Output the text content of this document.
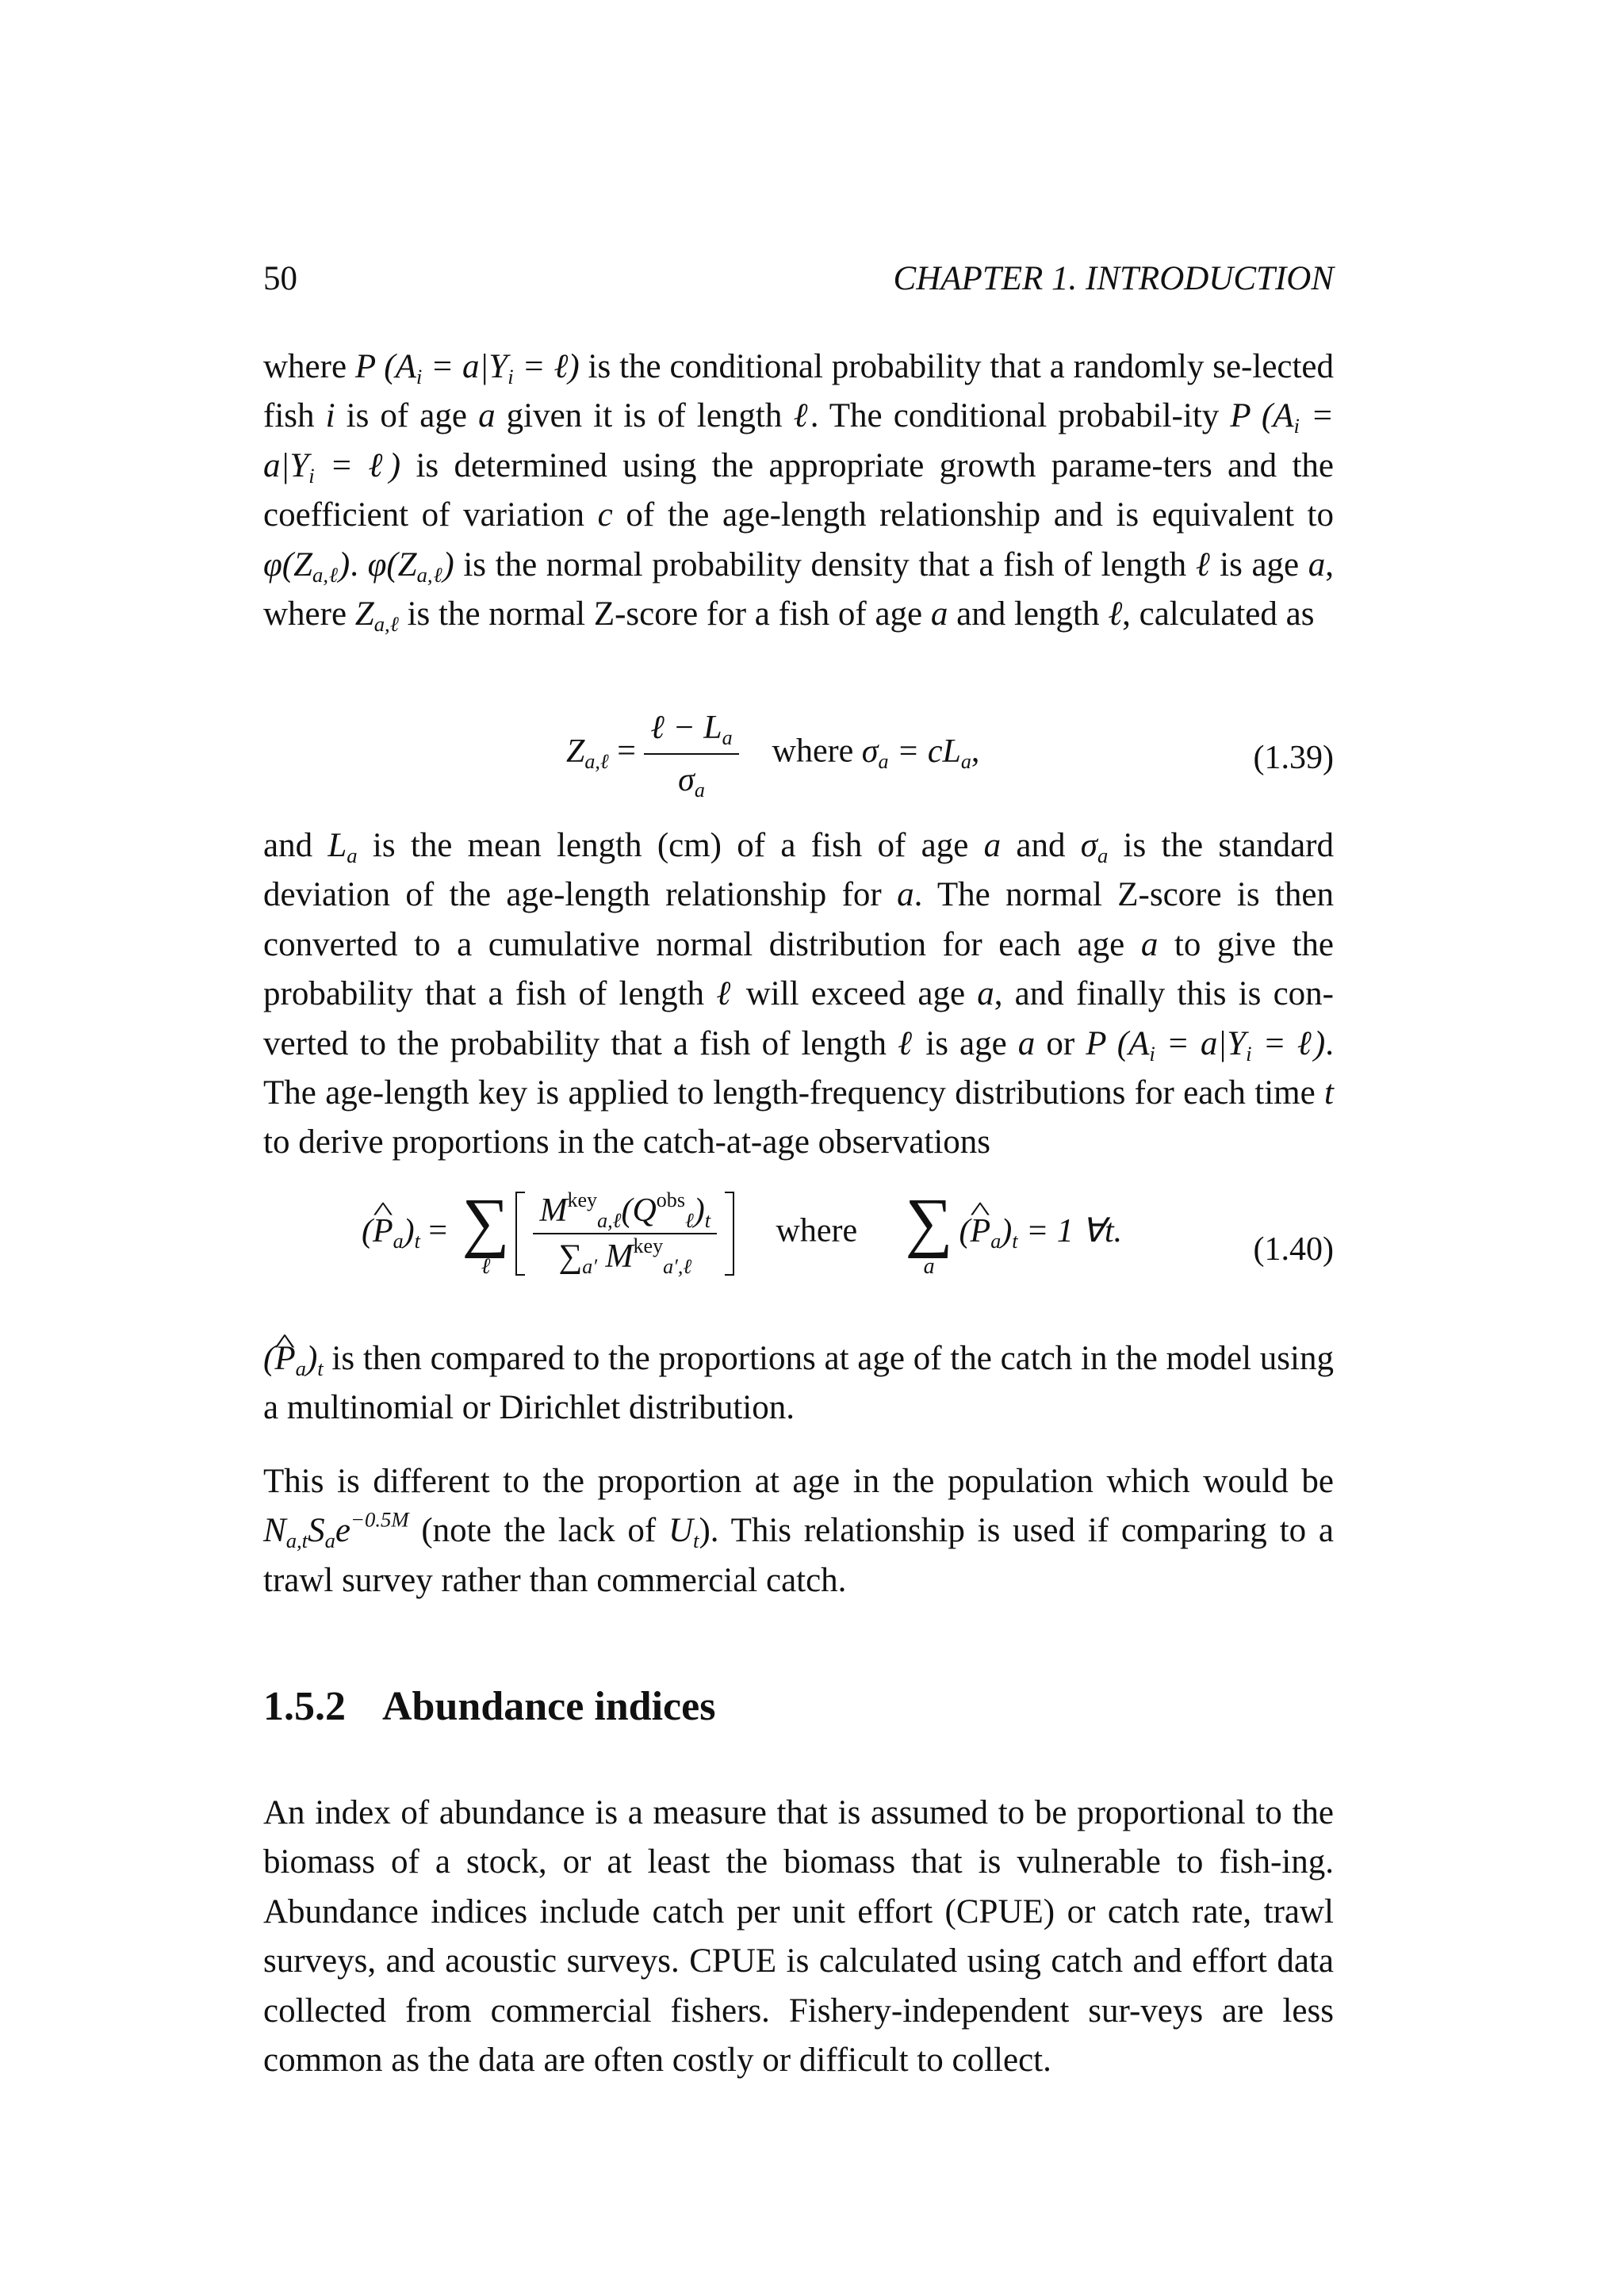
50	CHAPTER 1. INTRODUCTION

where P ($A_i = a|Y_i$ = ℓ) is the conditional probability that a randomly se-lected fish i is of age a given it is of length ℓ. The conditional probabil-ity P ($A_i = a|Y_i$ = ℓ) is determined using the appropriate growth parame-ters and the coefficient of variation c of the age-length relationship and is equivalent to $\varphi(Z_{a,\ell})$. $\varphi(Z_{a,\ell})$ is the normal probability density that a fish of length ℓ is age a, where $Z_{a,\ell}$ is the normal Z-score for a fish of age a and length ℓ, calculated as

$Z_{a,\ell} = \frac{\ell - L_a}{\sigma_a}$ where $\sigma_a = cL_a$,	(1.39)

and $L_a$ is the mean length (cm) of a fish of age a and $\sigma_a$ is the standard deviation of the age-length relationship for a. The normal Z-score is then converted to a cumulative normal distribution for each age a to give the probability that a fish of length ℓ will exceed age a, and finally this is con-verted to the probability that a fish of length ℓ is age a or P ($A_i = a|Y_i$ = ℓ). The age-length key is applied to length-frequency distributions for each time t to derive proportions in the catch-at-age observations

(^ $P_a)_t$ = ∑
ℓ	$\frac{M^{key}_{a,\ell}(Q^{obs}_\ell)_t}{\sum_{a'} M^{key}_{a',\ell}}$ where ∑
a
(^ $P_a)_t = 1$ ∀t.
(1.40)

(^ $P_a)_t$ is then compared to the proportions at age of the catch in the model using a multinomial or Dirichlet distribution.

This is different to the proportion at age in the population which would be $N_{a,t}S_ae^{-0.5M}$ (note the lack of $U_t$). This relationship is used if comparing to a trawl survey rather than commercial catch.

1.5.2 Abundance indices

An index of abundance is a measure that is assumed to be proportional to the biomass of a stock, or at least the biomass that is vulnerable to fish-ing. Abundance indices include catch per unit effort (CPUE) or catch rate, trawl surveys, and acoustic surveys. CPUE is calculated using catch and effort data collected from commercial fishers. Fishery-independent sur-veys are less common as the data are often costly or difficult to collect.
